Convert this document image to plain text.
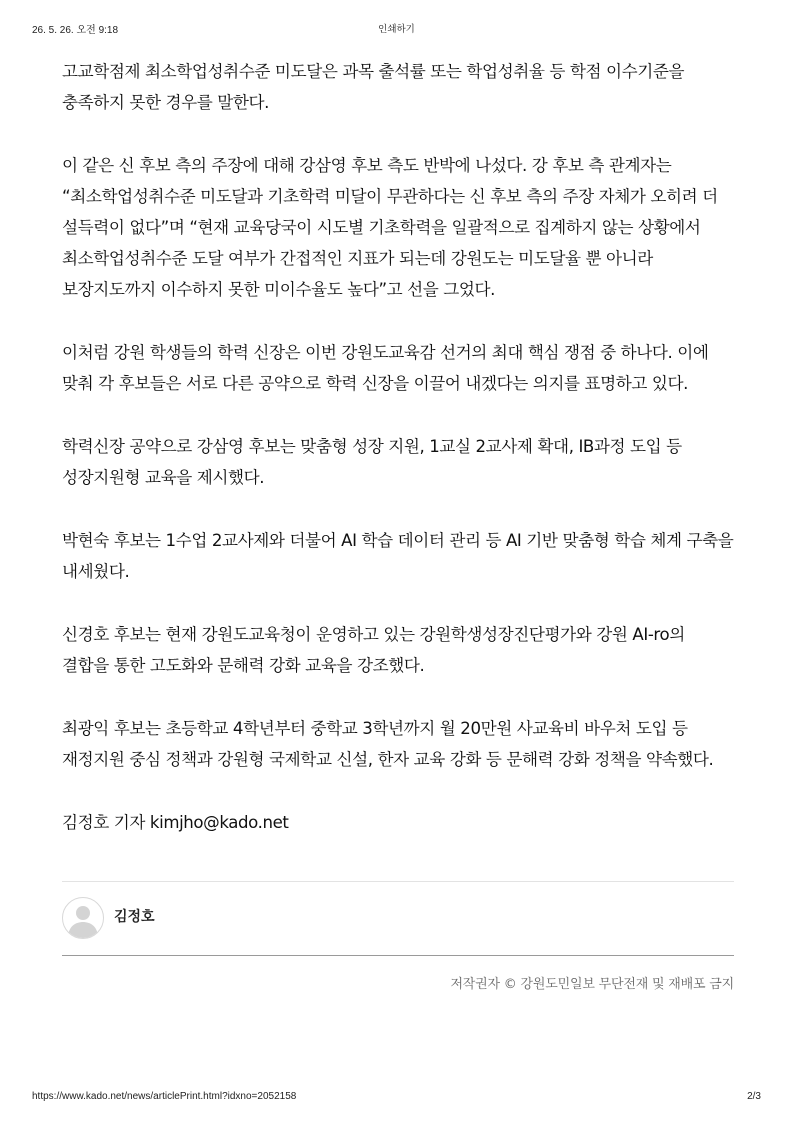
26. 5. 26. 오전 9:18	인쇄하기

고교학점제 최소학업성취수준 미도달은 과목 출석률 또는 학업성취율 등 학점 이수기준을 충족하지 못한 경우를 말한다.

이 같은 신 후보 측의 주장에 대해 강삼영 후보 측도 반박에 나섰다. 강 후보 측 관계자는 “최소학업성취수준 미도달과 기초학력 미달이 무관하다는 신 후보 측의 주장 자체가 오히려 더 설득력이 없다”며 “현재 교육당국이 시도별 기초학력을 일괄적으로 집계하지 않는 상황에서 최소학업성취수준 도달 여부가 간접적인 지표가 되는데 강원도는 미도달율 뿐 아니라 보장지도까지 이수하지 못한 미이수율도 높다”고 선을 그었다.

이처럼 강원 학생들의 학력 신장은 이번 강원도교육감 선거의 최대 핵심 쟁점 중 하나다. 이에 맞춰 각 후보들은 서로 다른 공약으로 학력 신장을 이끌어 내겠다는 의지를 표명하고 있다.

학력신장 공약으로 강삼영 후보는 맞춤형 성장 지원, 1교실 2교사제 확대, IB과정 도입 등 성장지원형 교육을 제시했다.

박현숙 후보는 1수업 2교사제와 더불어 AI 학습 데이터 관리 등 AI 기반 맞춤형 학습 체계 구축을 내세웠다.

신경호 후보는 현재 강원도교육청이 운영하고 있는 강원학생성장진단평가와 강원 AI-ro의 결합을 통한 고도화와 문해력 강화 교육을 강조했다.

최광익 후보는 초등학교 4학년부터 중학교 3학년까지 월 20만원 사교육비 바우처 도입 등 재정지원 중심 정책과 강원형 국제학교 신설, 한자 교육 강화 등 문해력 강화 정책을 약속했다.

김정호 기자 kimjho@kado.net

김정호
저작권자 © 강원도민일보 무단전재 및 재배포 금지
https://www.kado.net/news/articlePrint.html?idxno=2052158	2/3
